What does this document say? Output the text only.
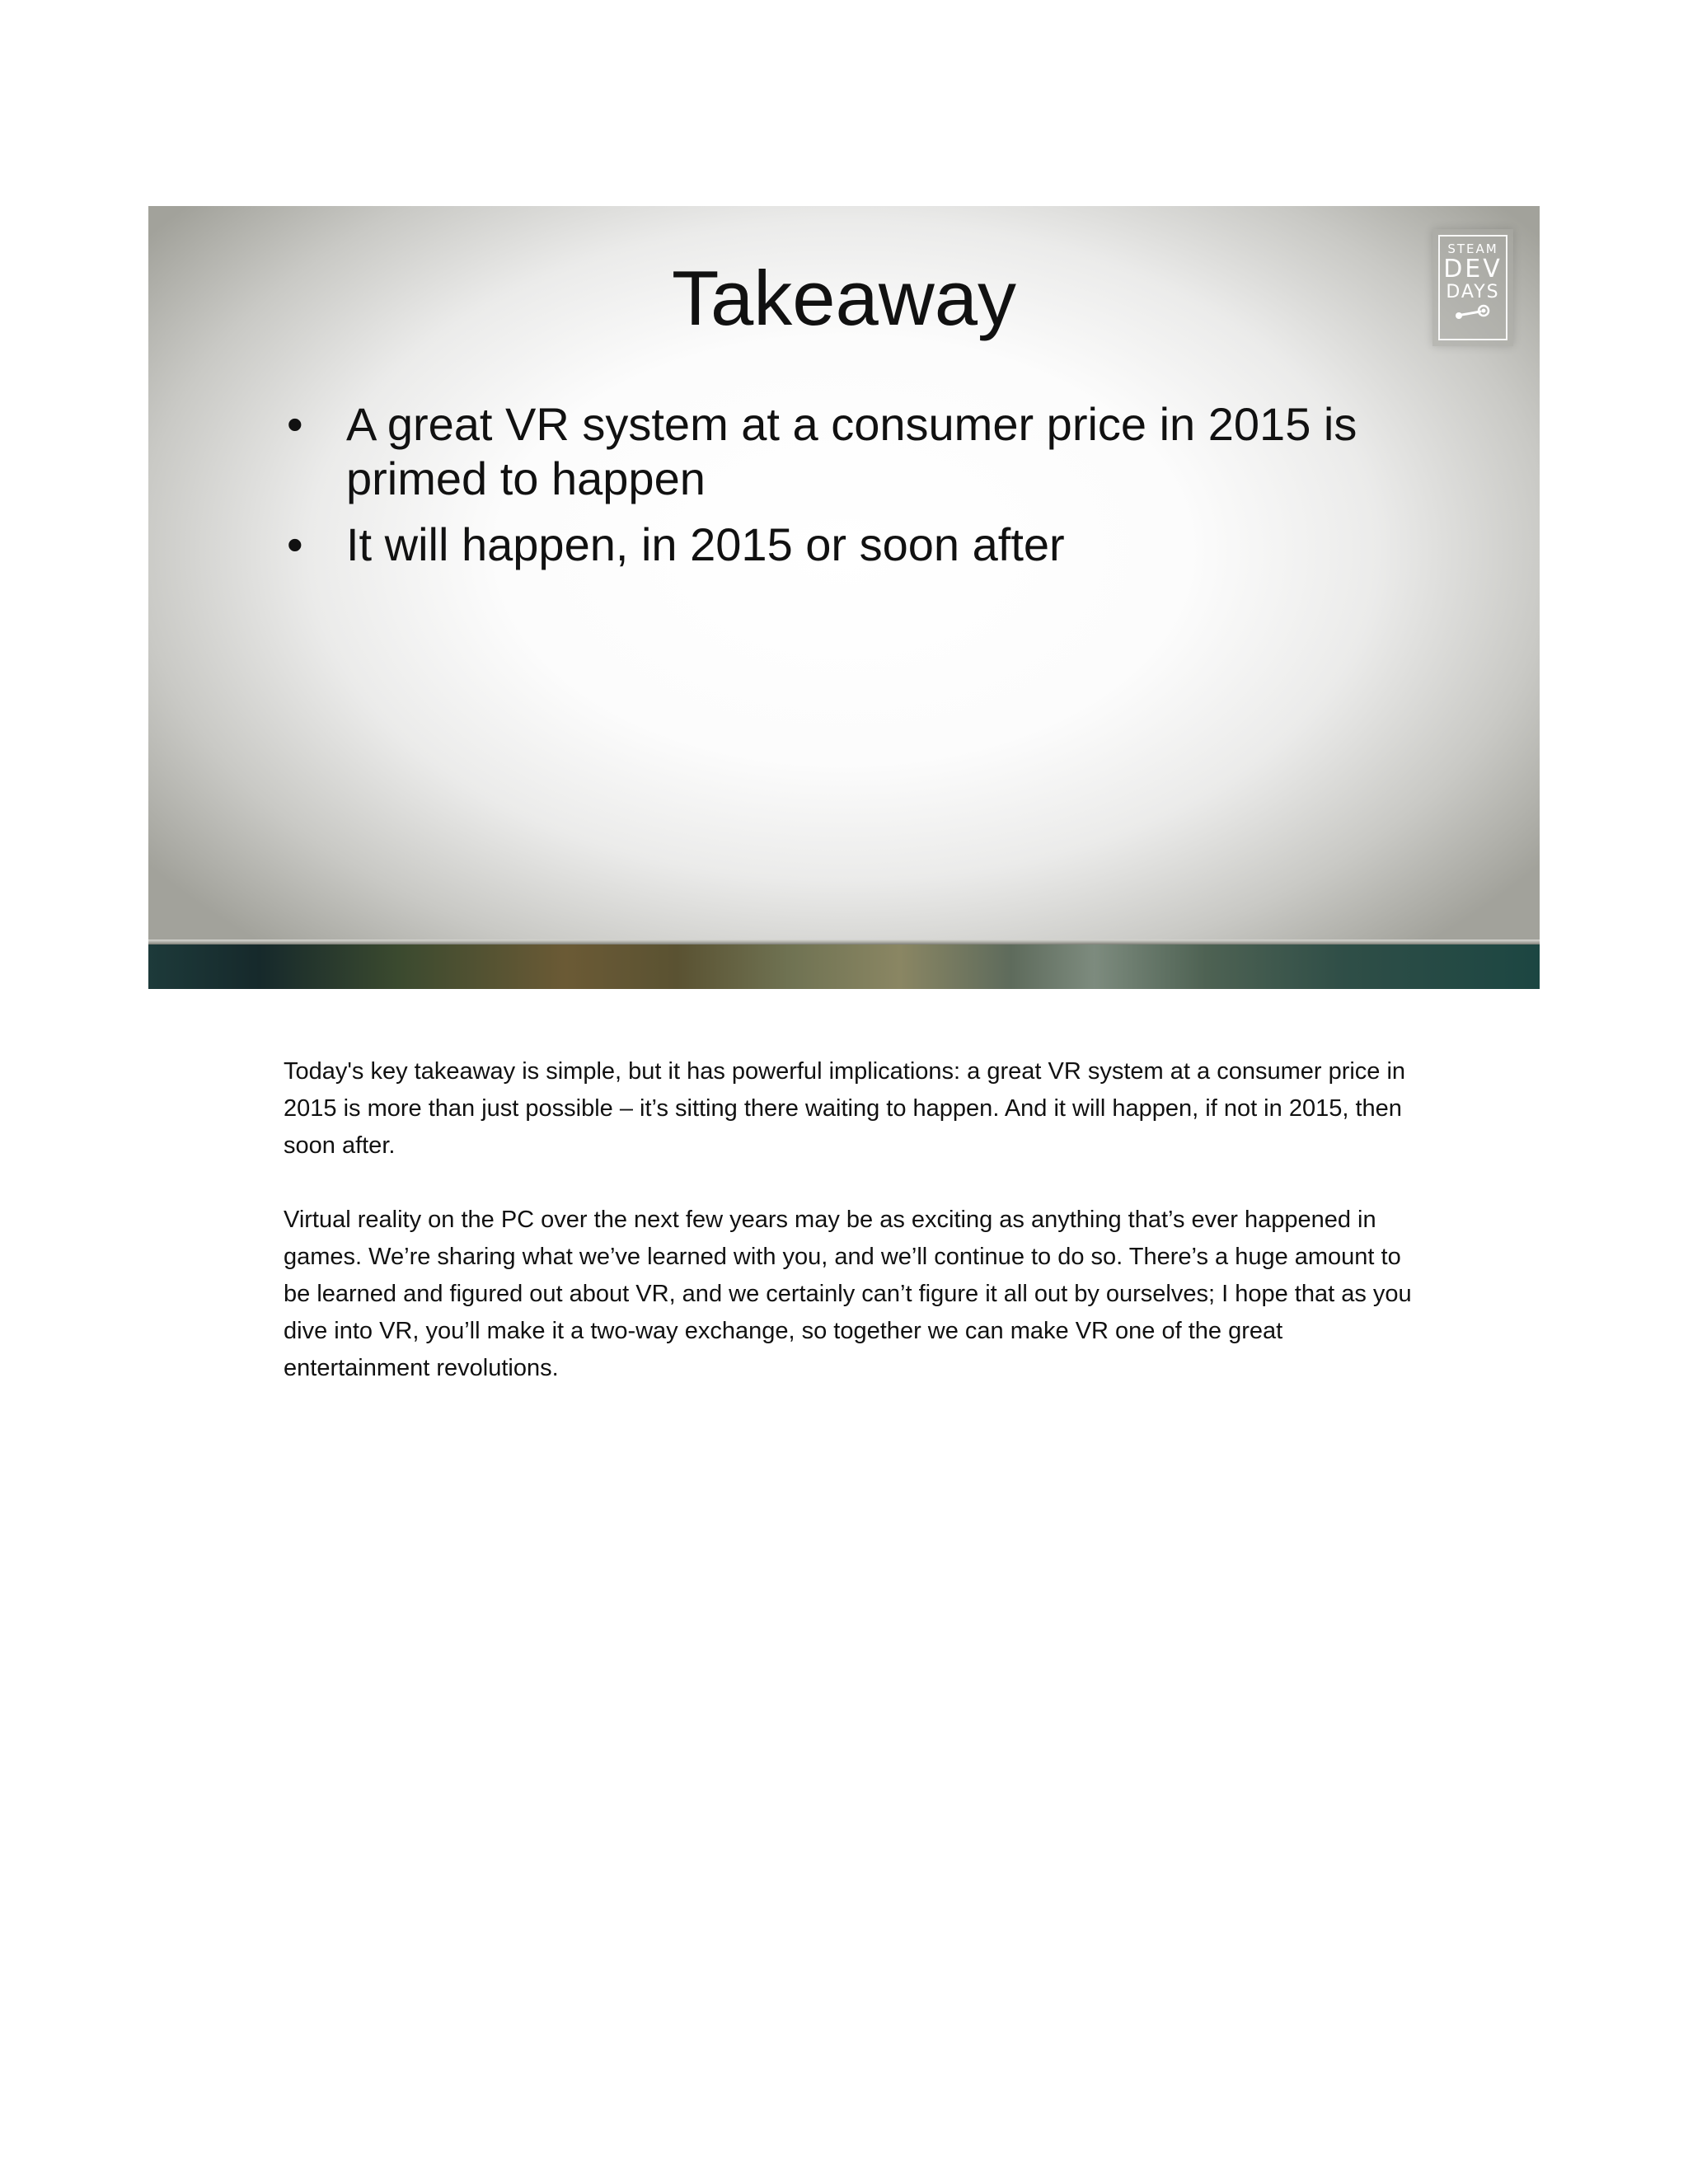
Takeaway
STEAM
DEV
DAYS
• A great VR system at a consumer price in 2015 is primed to happen
• It will happen, in 2015 or soon after

Today's key takeaway is simple, but it has powerful implications: a great VR system at a consumer price in 2015 is more than just possible – it’s sitting there waiting to happen. And it will happen, if not in 2015, then soon after.

Virtual reality on the PC over the next few years may be as exciting as anything that’s ever happened in games. We’re sharing what we’ve learned with you, and we’ll continue to do so. There’s a huge amount to be learned and figured out about VR, and we certainly can’t figure it all out by ourselves; I hope that as you dive into VR, you’ll make it a two-way exchange, so together we can make VR one of the great entertainment revolutions.
